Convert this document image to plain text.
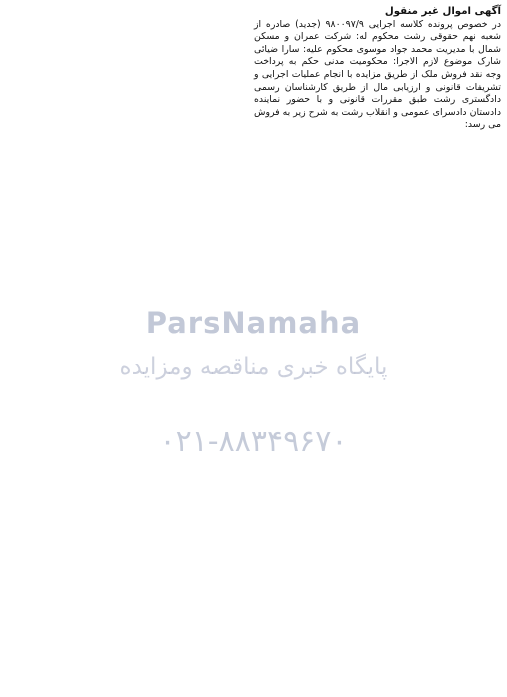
آگهی اموال غیر منقول

در خصوص پرونده کلاسه اجرایی ۹۸۰۰۹۷/۹ (جدید) صادره از شعبه نهم حقوقی رشت محکوم له: شرکت عمران و مسکن شمال با مدیریت محمد جواد موسوی محکوم علیه: سارا ضیائی شارک موضوع لازم الاجرا: محکومیت مدنی حکم به پرداخت وجه نقد فروش ملک از طریق مزایده با انجام عملیات اجرایی و تشریفات قانونی و ارزیابی مال از طریق کارشناسان رسمی دادگستری رشت طبق مقررات قانونی و با حضور نماینده دادستان دادسرای عمومی و انقلاب رشت به شرح زیر به فروش می رسد:

ParsNamaha
پایگاه خبری مناقصه ومزایده
۰۲۱-۸۸۳۴۹۶۷۰
